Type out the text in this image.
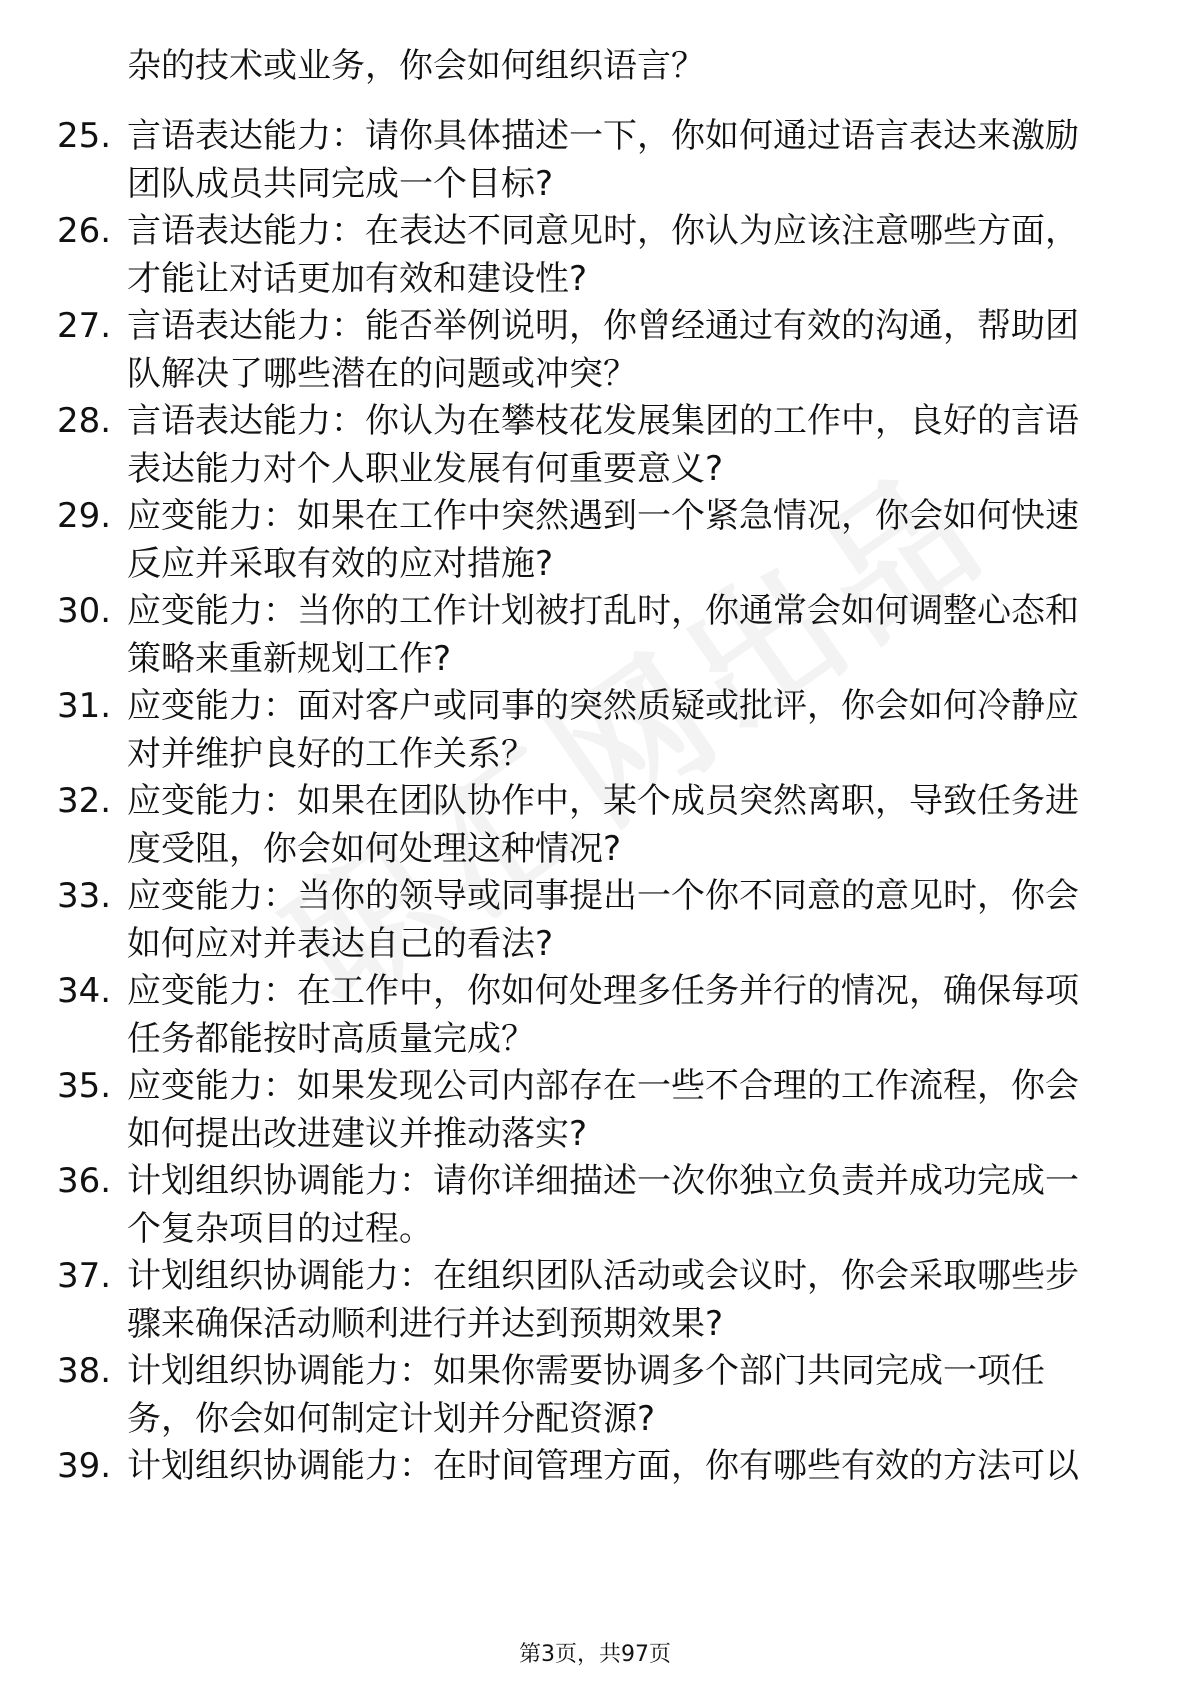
杂的技术或业务，你会如何组织语言？
25. 言语表达能力：请你具体描述一下，你如何通过语言表达来激励
团队成员共同完成一个目标?
26. 言语表达能力：在表达不同意见时，你认为应该注意哪些方面，
才能让对话更加有效和建设性?
27. 言语表达能力：能否举例说明，你曾经通过有效的沟通，帮助团
队解决了哪些潜在的问题或冲突？
28. 言语表达能力：你认为在攀枝花发展集团的工作中，良好的言语
表达能力对个人职业发展有何重要意义?
29. 应变能力：如果在工作中突然遇到一个紧急情况，你会如何快速
反应并采取有效的应对措施?
30. 应变能力：当你的工作计划被打乱时，你通常会如何调整心态和
策略来重新规划工作?
31. 应变能力：面对客户或同事的突然质疑或批评，你会如何冷静应
对并维护良好的工作关系？
32. 应变能力：如果在团队协作中，某个成员突然离职，导致任务进
度受阻，你会如何处理这种情况?
33. 应变能力：当你的领导或同事提出一个你不同意的意见时，你会
如何应对并表达自己的看法?
34. 应变能力：在工作中，你如何处理多任务并行的情况，确保每项
任务都能按时高质量完成？
35. 应变能力：如果发现公司内部存在一些不合理的工作流程，你会
如何提出改进建议并推动落实?
36. 计划组织协调能力：请你详细描述一次你独立负责并成功完成一
个复杂项目的过程。
37. 计划组织协调能力：在组织团队活动或会议时，你会采取哪些步
骤来确保活动顺利进行并达到预期效果?
38. 计划组织协调能力：如果你需要协调多个部门共同完成一项任
务，你会如何制定计划并分配资源?
39. 计划组织协调能力：在时间管理方面，你有哪些有效的方法可以
第3页，共97页
